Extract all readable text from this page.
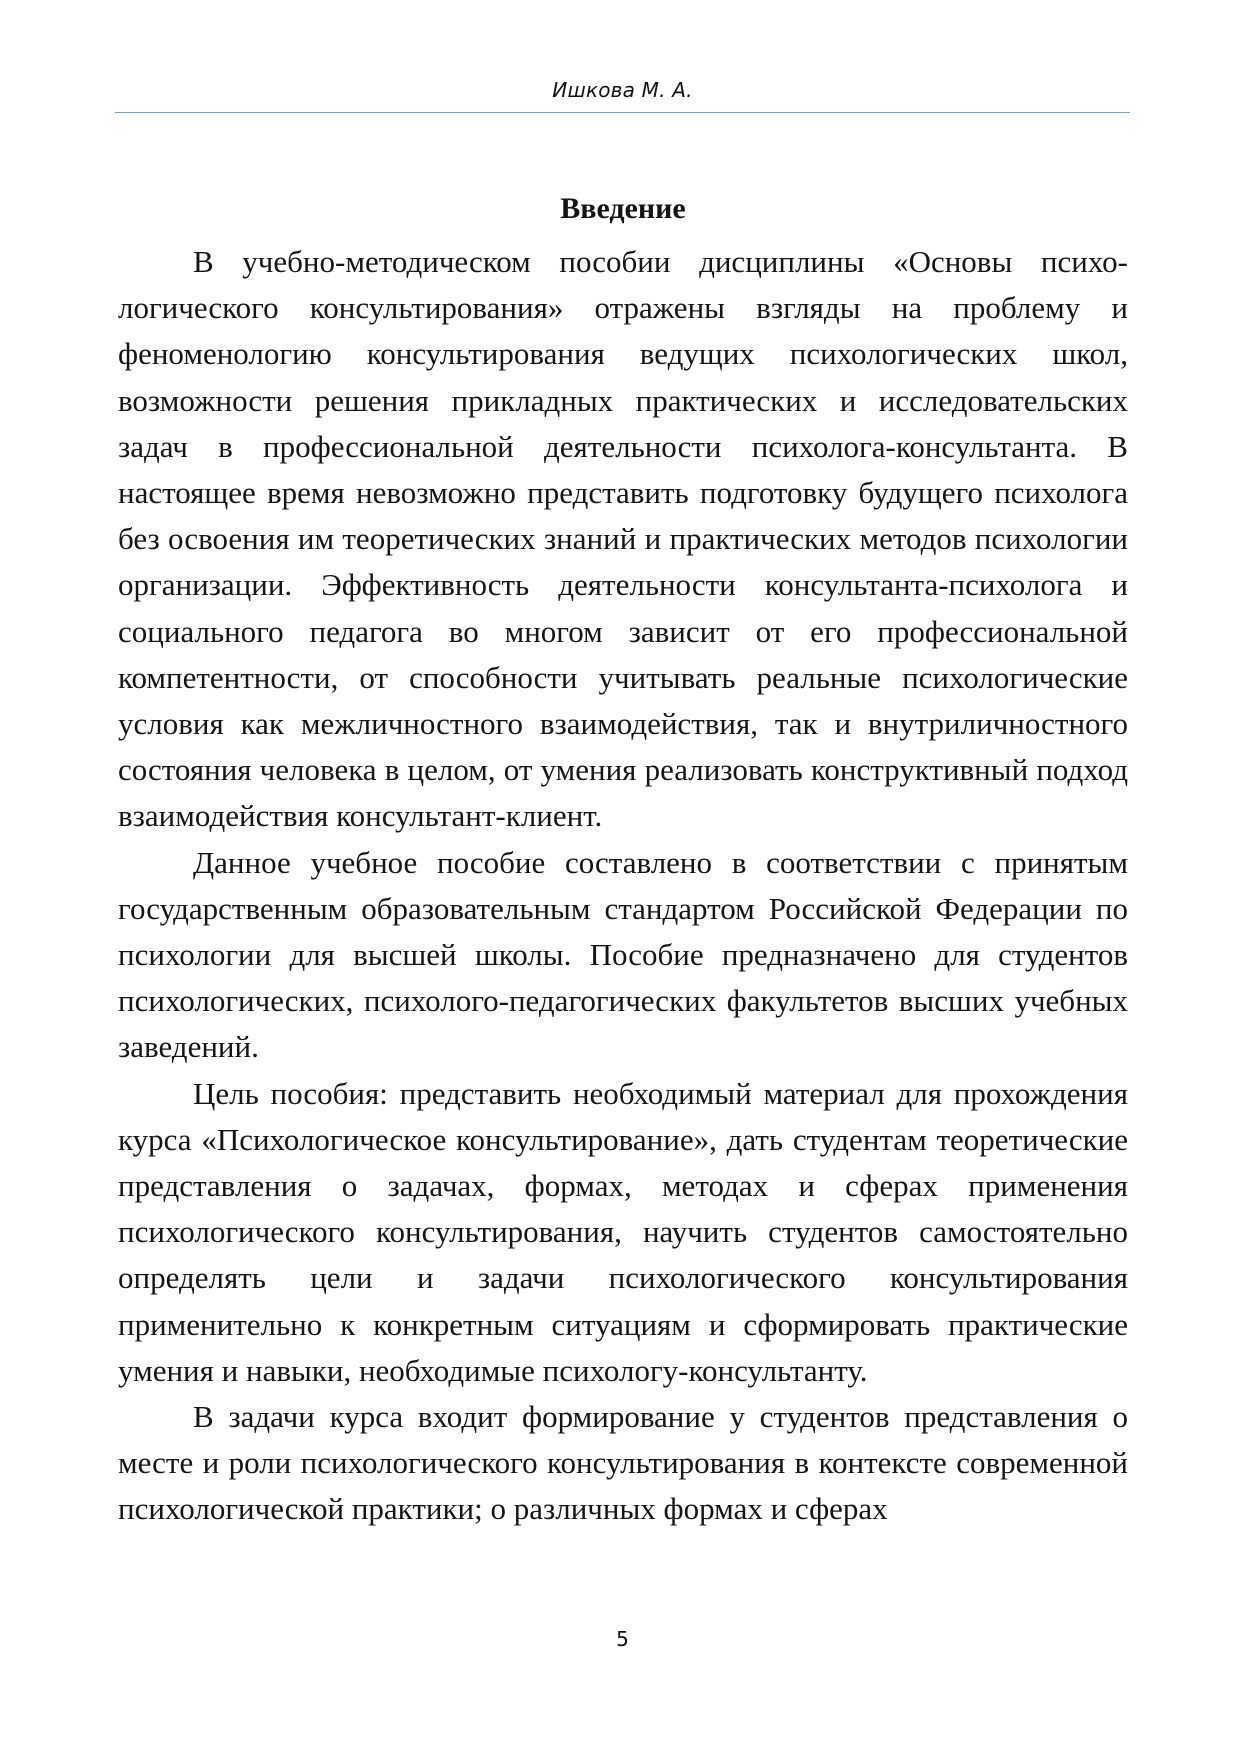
Ишкова М. А.
Введение

В учебно-методическом пособии дисциплины «Основы психологического консультирования» отражены взгляды на проблему и феноменологию консультирования ведущих психологических школ, возможности решения прикладных практических и исследовательских задач в профессиональной деятельности психолога-консультанта. В настоящее время невозможно представить подготовку будущего психолога без освоения им теоретических знаний и практических методов психологии организации. Эффективность деятельности консультанта-психолога и социального педагога во многом зависит от его профессиональной компетентности, от способности учитывать реальные психологические условия как межличностного взаимодействия, так и внутриличностного состояния человека в целом, от умения реализовать конструктивный подход взаимодействия консультант-клиент.

Данное учебное пособие составлено в соответствии с принятым государственным образовательным стандартом Российской Федерации по психологии для высшей школы. Пособие предназначено для студентов психологических, психолого-педагогических факультетов высших учебных заведений.

Цель пособия: представить необходимый материал для прохождения курса «Психологическое консультирование», дать студентам теоретические представления о задачах, формах, методах и сферах применения психологического консультирования, научить студентов самостоятельно определять цели и задачи психологического консультирования применительно к конкретным ситуациям и сформировать практические умения и навыки, необходимые психологу-консультанту.

В задачи курса входит формирование у студентов представления о месте и роли психологического консультирования в контексте современной психологической практики; о различных формах и сферах

5
